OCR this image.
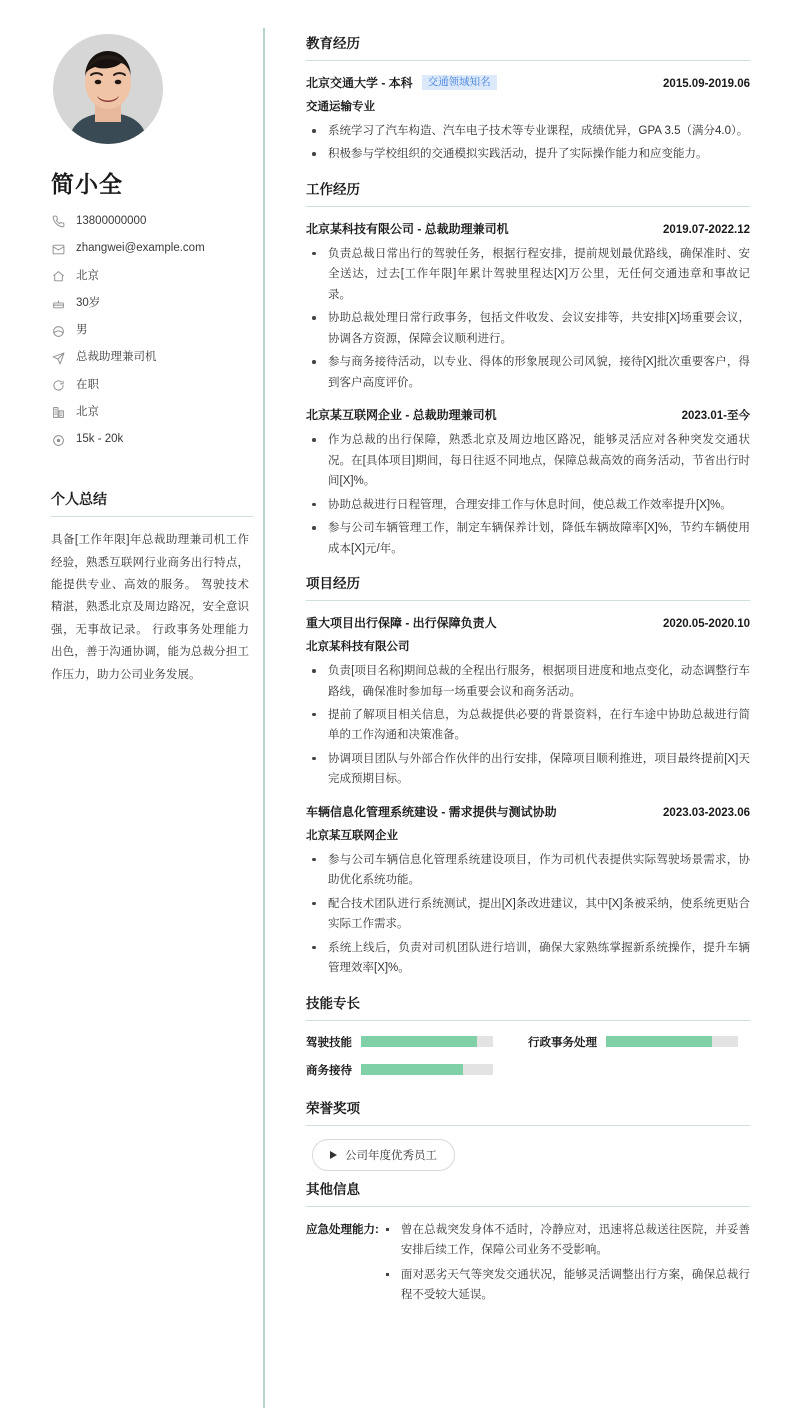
简小全
13800000000
zhangwei@example.com
北京
30岁
男
总裁助理兼司机
在职
北京
15k - 20k
个人总结

具备[工作年限]年总裁助理兼司机工作经验，熟悉互联网行业商务出行特点，能提供专业、高效的服务。 驾驶技术精湛，熟悉北京及周边路况，安全意识强，无事故记录。 行政事务处理能力出色，善于沟通协调，能为总裁分担工作压力，助力公司业务发展。

教育经历
北京交通大学 - 本科	交通领域知名	2015.09-2019.06
交通运输专业
系统学习了汽车构造、汽车电子技术等专业课程，成绩优异，GPA 3.5（满分4.0）。
积极参与学校组织的交通模拟实践活动，提升了实际操作能力和应变能力。
工作经历
北京某科技有限公司 - 总裁助理兼司机	2019.07-2022.12
负责总裁日常出行的驾驶任务，根据行程安排，提前规划最优路线，确保准时、安全送达，过去[工作年限]年累计驾驶里程达[X]万公里，无任何交通违章和事故记录。
协助总裁处理日常行政事务，包括文件收发、会议安排等，共安排[X]场重要会议，协调各方资源，保障会议顺利进行。
参与商务接待活动，以专业、得体的形象展现公司风貌，接待[X]批次重要客户，得到客户高度评价。
北京某互联网企业 - 总裁助理兼司机	2023.01-至今
作为总裁的出行保障，熟悉北京及周边地区路况，能够灵活应对各种突发交通状况。在[具体项目]期间，每日往返不同地点，保障总裁高效的商务活动，节省出行时间[X]%。
协助总裁进行日程管理，合理安排工作与休息时间，使总裁工作效率提升[X]%。
参与公司车辆管理工作，制定车辆保养计划，降低车辆故障率[X]%，节约车辆使用成本[X]元/年。
项目经历
重大项目出行保障 - 出行保障负责人	2020.05-2020.10
北京某科技有限公司
负责[项目名称]期间总裁的全程出行服务，根据项目进度和地点变化，动态调整行车路线，确保准时参加每一场重要会议和商务活动。
提前了解项目相关信息，为总裁提供必要的背景资料，在行车途中协助总裁进行简单的工作沟通和决策准备。
协调项目团队与外部合作伙伴的出行安排，保障项目顺利推进，项目最终提前[X]天完成预期目标。
车辆信息化管理系统建设 - 需求提供与测试协助	2023.03-2023.06
北京某互联网企业
参与公司车辆信息化管理系统建设项目，作为司机代表提供实际驾驶场景需求，协助优化系统功能。
配合技术团队进行系统测试，提出[X]条改进建议，其中[X]条被采纳，使系统更贴合实际工作需求。
系统上线后，负责对司机团队进行培训，确保大家熟练掌握新系统操作，提升车辆管理效率[X]%。
技能专长
驾驶技能	行政事务处理
商务接待
荣誉奖项
公司年度优秀员工
其他信息
应急处理能力:	曾在总裁突发身体不适时，冷静应对，迅速将总裁送往医院，并妥善安排后续工作，保障公司业务不受影响。
面对恶劣天气等突发交通状况，能够灵活调整出行方案，确保总裁行程不受较大延误。
